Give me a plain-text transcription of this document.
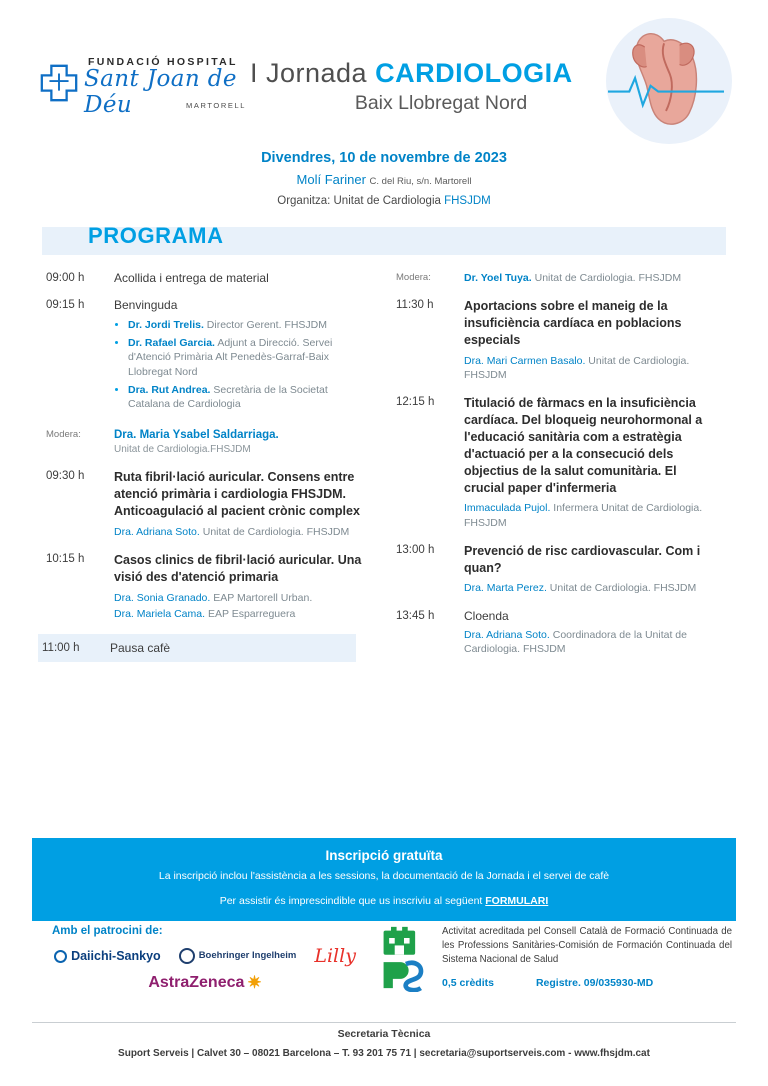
FUNDACIÓ HOSPITAL
Sant Joan de Déu	MARTORELL
I Jornada CARDIOLOGIA
Baix Llobregat Nord
Divendres, 10 de novembre de 2023
Molí Fariner C. del Riu, s/n. Martorell
Organitza: Unitat de Cardiologia FHSJDM
PROGRAMA
09:00 h	Acollida i entrega de material
09:15 h	Benvinguda
• Dr. Jordi Trelis. Director Gerent. FHSJDM
• Dr. Rafael Garcia. Adjunt a Direcció. Servei d'Atenció Primària Alt Penedès-Garraf-Baix Llobregat Nord
• Dra. Rut Andrea. Secretària de la Societat Catalana de Cardiologia
Modera:	Dra. Maria Ysabel Saldarriaga.
Unitat de Cardiologia.FHSJDM
09:30 h	Ruta fibril·lació auricular. Consens entre atenció primària i cardiologia FHSJDM. Anticoagulació al pacient crònic complex
Dra. Adriana Soto. Unitat de Cardiologia. FHSJDM
10:15 h	Casos clinics de fibril·lació auricular. Una visió des d'atenció primaria
Dra. Sonia Granado. EAP Martorell Urban.
Dra. Mariela Cama. EAP Esparreguera
11:00 h	Pausa cafè
Modera:	Dr. Yoel Tuya. Unitat de Cardiologia. FHSJDM
11:30 h	Aportacions sobre el maneig de la insuficiència cardíaca en poblacions especials
Dra. Mari Carmen Basalo. Unitat de Cardiologia. FHSJDM
12:15 h	Titulació de fàrmacs en la insuficiència cardíaca. Del bloqueig neurohormonal a l'educació sanitària com a estratègia d'actuació per a la consecució dels objectius de la salut comunitària. El crucial paper d'infermeria
Immaculada Pujol. Infermera Unitat de Cardiologia. FHSJDM
13:00 h	Prevenció de risc cardiovascular. Com i quan?
Dra. Marta Perez. Unitat de Cardiologia. FHSJDM
13:45 h	Cloenda
Dra. Adriana Soto. Coordinadora de la Unitat de Cardiologia. FHSJDM
Inscripció gratuïta
La inscripció inclou l'assistència a les sessions, la documentació de la Jornada i el servei de cafè
Per assistir és imprescindible que us inscriviu al següent FORMULARI
Amb el patrocini de:
Daiichi-Sankyo	Boehringer Ingelheim Lilly
AstraZeneca ✷
Activitat acreditada pel Consell Català de Formació Continuada de les Professions Sanitàries-Comisión de Formación Continuada del Sistema Nacional de Salud
0,5 crèdits	Registre. 09/035930-MD
Secretaria Tècnica
Suport Serveis | Calvet 30 – 08021 Barcelona – T. 93 201 75 71 | secretaria@suportserveis.com - www.fhsjdm.cat
